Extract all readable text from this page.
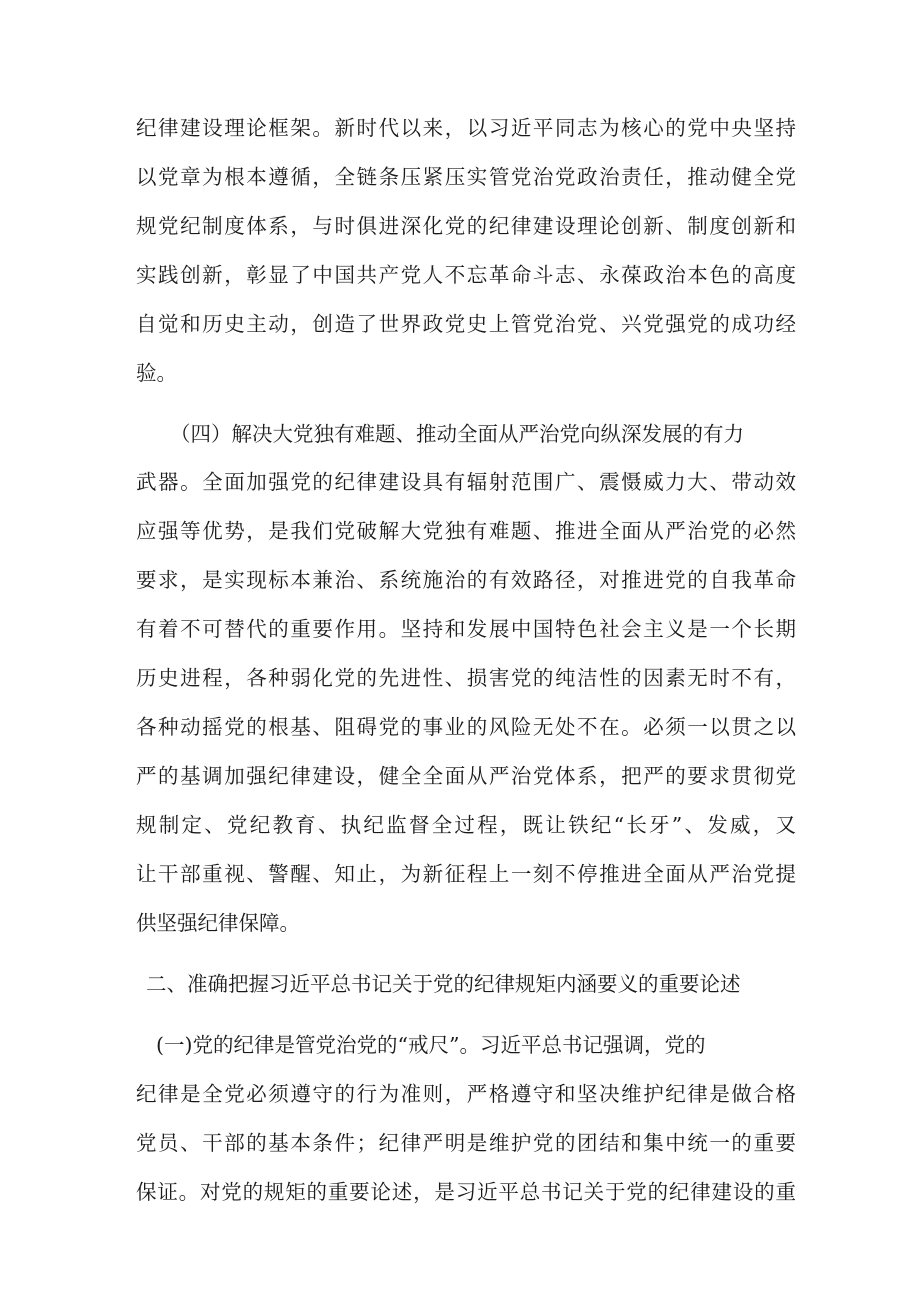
纪律建设理论框架。新时代以来，以习近平同志为核心的党中央坚持
以党章为根本遵循，全链条压紧压实管党治党政治责任，推动健全党
规党纪制度体系，与时俱进深化党的纪律建设理论创新、制度创新和
实践创新，彰显了中国共产党人不忘革命斗志、永葆政治本色的高度
自觉和历史主动，创造了世界政党史上管党治党、兴党强党的成功经
验。
（四）解决大党独有难题、推动全面从严治党向纵深发展的有力
武器。全面加强党的纪律建设具有辐射范围广、震慑威力大、带动效
应强等优势，是我们党破解大党独有难题、推进全面从严治党的必然
要求，是实现标本兼治、系统施治的有效路径，对推进党的自我革命
有着不可替代的重要作用。坚持和发展中国特色社会主义是一个长期
历史进程，各种弱化党的先进性、损害党的纯洁性的因素无时不有，
各种动摇党的根基、阻碍党的事业的风险无处不在。必须一以贯之以
严的基调加强纪律建设，健全全面从严治党体系，把严的要求贯彻党
规制定、党纪教育、执纪监督全过程，既让铁纪“长牙”、发威，又
让干部重视、警醒、知止，为新征程上一刻不停推进全面从严治党提
供坚强纪律保障。
二、准确把握习近平总书记关于党的纪律规矩内涵要义的重要论述
(一)党的纪律是管党治党的“戒尺”。习近平总书记强调，党的
纪律是全党必须遵守的行为准则，严格遵守和坚决维护纪律是做合格
党员、干部的基本条件；纪律严明是维护党的团结和集中统一的重要
保证。对党的规矩的重要论述，是习近平总书记关于党的纪律建设的重
